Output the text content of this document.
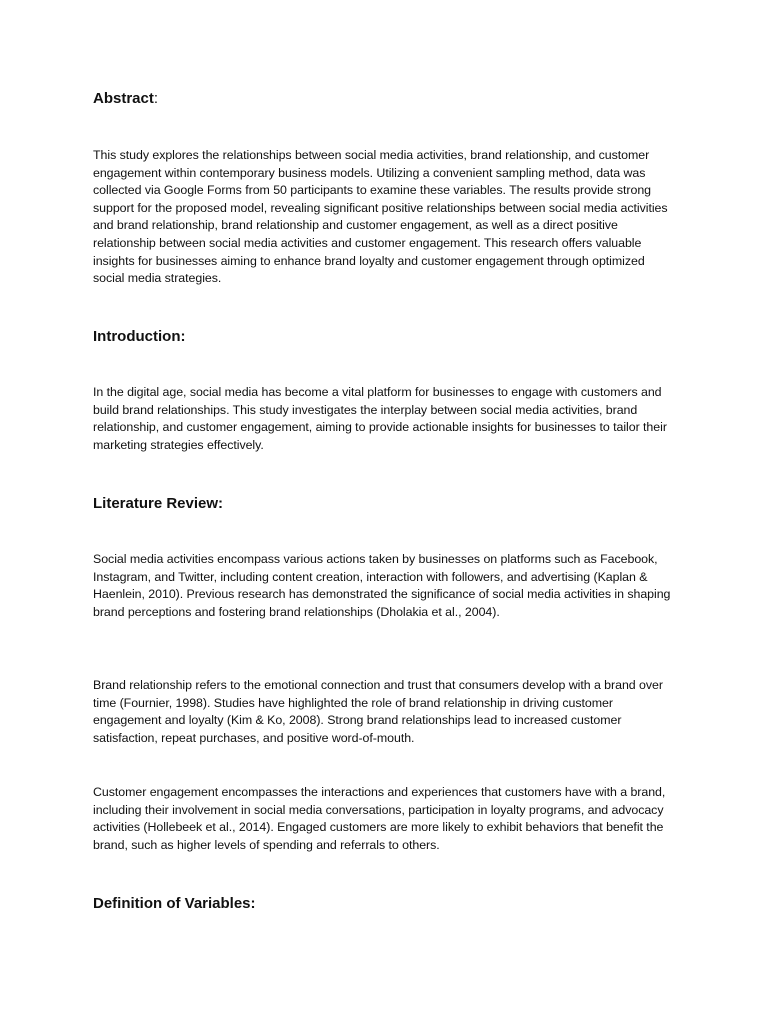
Abstract:

This study explores the relationships between social media activities, brand relationship, and customer engagement within contemporary business models. Utilizing a convenient sampling method, data was collected via Google Forms from 50 participants to examine these variables. The results provide strong support for the proposed model, revealing significant positive relationships between social media activities and brand relationship, brand relationship and customer engagement, as well as a direct positive relationship between social media activities and customer engagement. This research offers valuable insights for businesses aiming to enhance brand loyalty and customer engagement through optimized social media strategies.

Introduction:

In the digital age, social media has become a vital platform for businesses to engage with customers and build brand relationships. This study investigates the interplay between social media activities, brand relationship, and customer engagement, aiming to provide actionable insights for businesses to tailor their marketing strategies effectively.

Literature Review:

Social media activities encompass various actions taken by businesses on platforms such as Facebook, Instagram, and Twitter, including content creation, interaction with followers, and advertising (Kaplan & Haenlein, 2010). Previous research has demonstrated the significance of social media activities in shaping brand perceptions and fostering brand relationships (Dholakia et al., 2004).

Brand relationship refers to the emotional connection and trust that consumers develop with a brand over time (Fournier, 1998). Studies have highlighted the role of brand relationship in driving customer engagement and loyalty (Kim & Ko, 2008). Strong brand relationships lead to increased customer satisfaction, repeat purchases, and positive word-of-mouth.

Customer engagement encompasses the interactions and experiences that customers have with a brand, including their involvement in social media conversations, participation in loyalty programs, and advocacy activities (Hollebeek et al., 2014). Engaged customers are more likely to exhibit behaviors that benefit the brand, such as higher levels of spending and referrals to others.

Definition of Variables:
